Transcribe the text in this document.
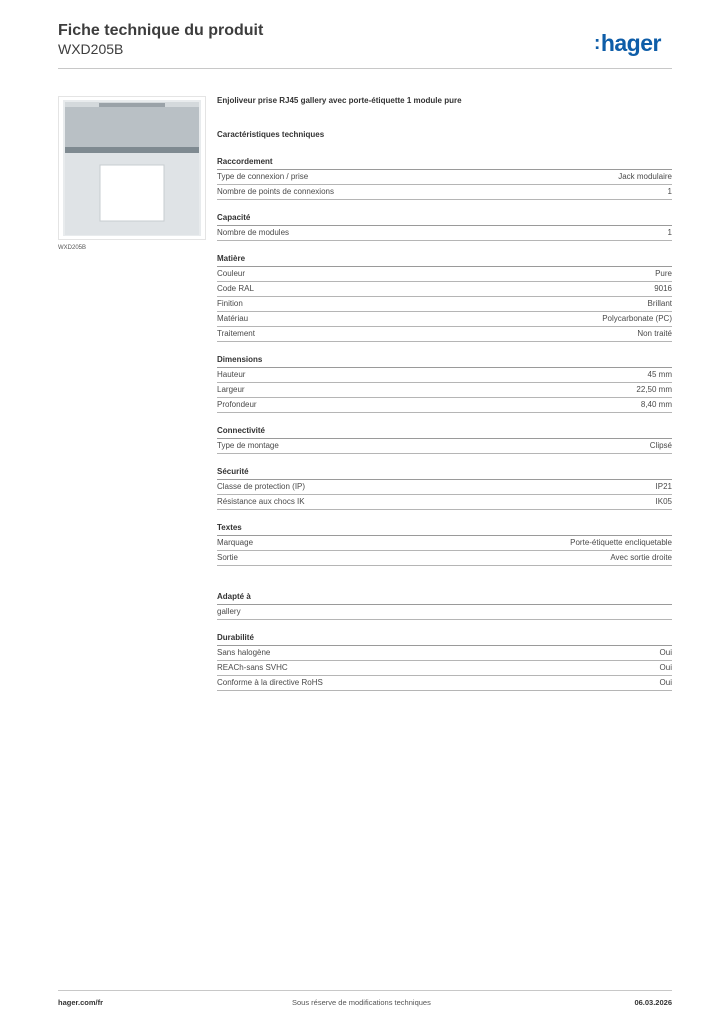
Fiche technique du produit
WXD205B	:hager
WXD205B
Enjoliveur prise RJ45 gallery avec porte-étiquette 1 module pure
Caractéristiques techniques
Raccordement
Type de connexion / prise	Jack modulaire
Nombre de points de connexions	1
Capacité
Nombre de modules	1
Matière
Couleur	Pure
Code RAL	9016
Finition	Brillant
Matériau	Polycarbonate (PC)
Traitement	Non traité
Dimensions
Hauteur	45 mm
Largeur	22,50 mm
Profondeur	8,40 mm
Connectivité
Type de montage	Clipsé
Sécurité
Classe de protection (IP)	IP21
Résistance aux chocs IK	IK05
Textes
Marquage	Porte-étiquette encliquetable
Sortie	Avec sortie droite
Adapté à
gallery
Durabilité
Sans halogène	Oui
REACh-sans SVHC	Oui
Conforme à la directive RoHS	Oui
hager.com/fr	Sous réserve de modifications techniques	06.03.2026
